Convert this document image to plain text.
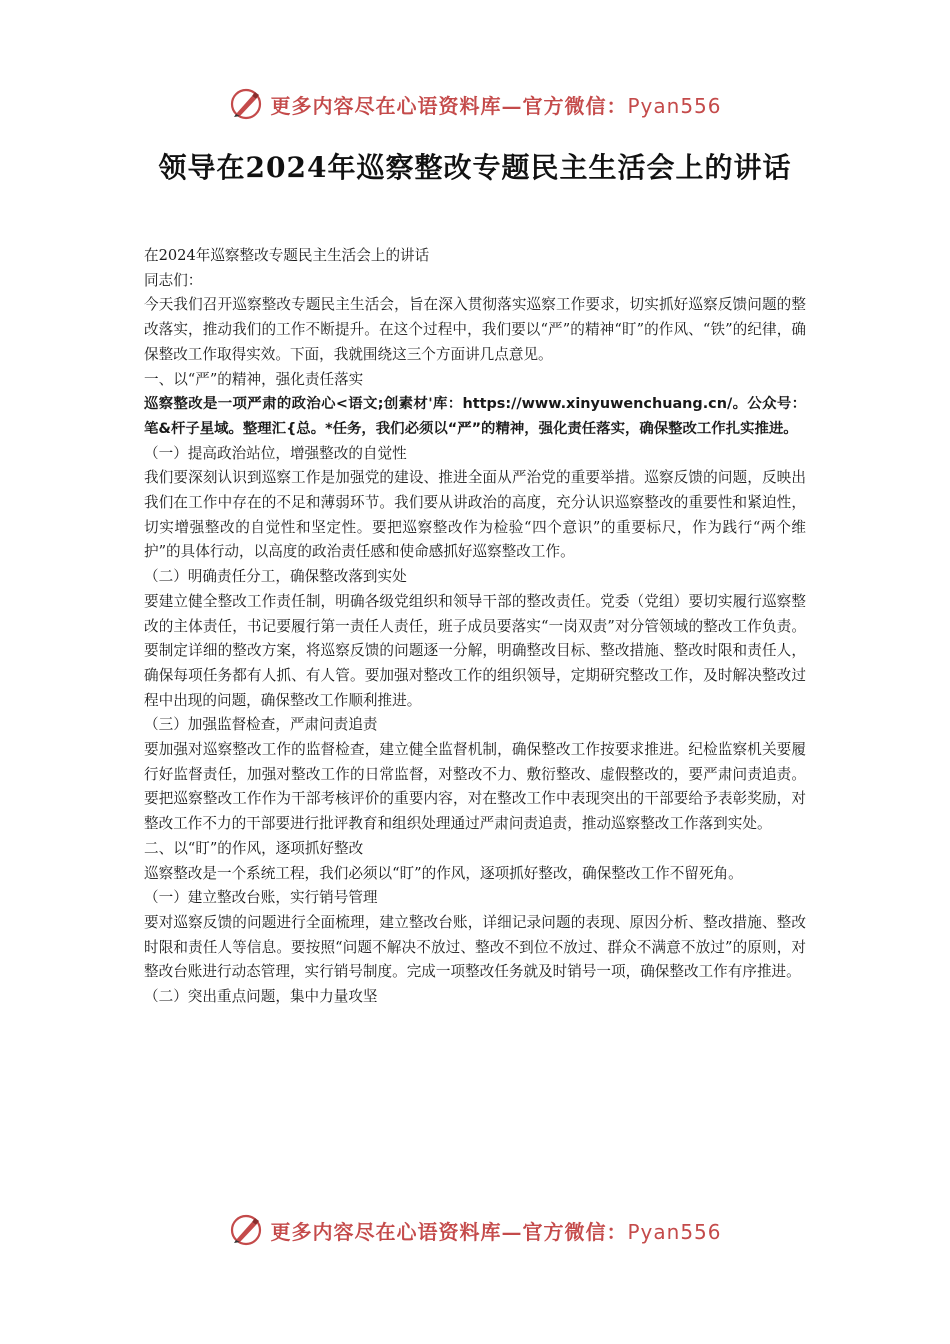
更多内容尽在心语资料库—官方微信：Pyan556
领导在2024年巡察整改专题民主生活会上的讲话

在2024年巡察整改专题民主生活会上的讲话

同志们：

今天我们召开巡察整改专题民主生活会，旨在深入贯彻落实巡察工作要求，切实抓好巡察反馈问题的整改落实，推动我们的工作不断提升。在这个过程中，我们要以“严”的精神“盯”的作风、“铁”的纪律，确保整改工作取得实效。下面，我就围绕这三个方面讲几点意见。

一、以“严”的精神，强化责任落实

巡察整改是一项严肃的政治心<语文;创素材'库：https://www.xinyuwenchuang.cn/。公众号：笔&杆子星域。整理汇{总。*任务，我们必须以“严”的精神，强化责任落实，确保整改工作扎实推进。

（一）提高政治站位，增强整改的自觉性

我们要深刻认识到巡察工作是加强党的建设、推进全面从严治党的重要举措。巡察反馈的问题，反映出我们在工作中存在的不足和薄弱环节。我们要从讲政治的高度，充分认识巡察整改的重要性和紧迫性，切实增强整改的自觉性和坚定性。要把巡察整改作为检验“四个意识”的重要标尺，作为践行“两个维护”的具体行动，以高度的政治责任感和使命感抓好巡察整改工作。

（二）明确责任分工，确保整改落到实处

要建立健全整改工作责任制，明确各级党组织和领导干部的整改责任。党委（党组）要切实履行巡察整改的主体责任，书记要履行第一责任人责任，班子成员要落实“一岗双责”对分管领域的整改工作负责。要制定详细的整改方案，将巡察反馈的问题逐一分解，明确整改目标、整改措施、整改时限和责任人，确保每项任务都有人抓、有人管。要加强对整改工作的组织领导，定期研究整改工作，及时解决整改过程中出现的问题，确保整改工作顺利推进。

（三）加强监督检查，严肃问责追责

要加强对巡察整改工作的监督检查，建立健全监督机制，确保整改工作按要求推进。纪检监察机关要履行好监督责任，加强对整改工作的日常监督，对整改不力、敷衍整改、虚假整改的，要严肃问责追责。要把巡察整改工作作为干部考核评价的重要内容，对在整改工作中表现突出的干部要给予表彰奖励，对整改工作不力的干部要进行批评教育和组织处理通过严肃问责追责，推动巡察整改工作落到实处。

二、以“盯”的作风，逐项抓好整改

巡察整改是一个系统工程，我们必须以“盯”的作风，逐项抓好整改，确保整改工作不留死角。

（一）建立整改台账，实行销号管理

要对巡察反馈的问题进行全面梳理，建立整改台账，详细记录问题的表现、原因分析、整改措施、整改时限和责任人等信息。要按照“问题不解决不放过、整改不到位不放过、群众不满意不放过”的原则，对整改台账进行动态管理，实行销号制度。完成一项整改任务就及时销号一项，确保整改工作有序推进。

（二）突出重点问题，集中力量攻坚

更多内容尽在心语资料库—官方微信：Pyan556
